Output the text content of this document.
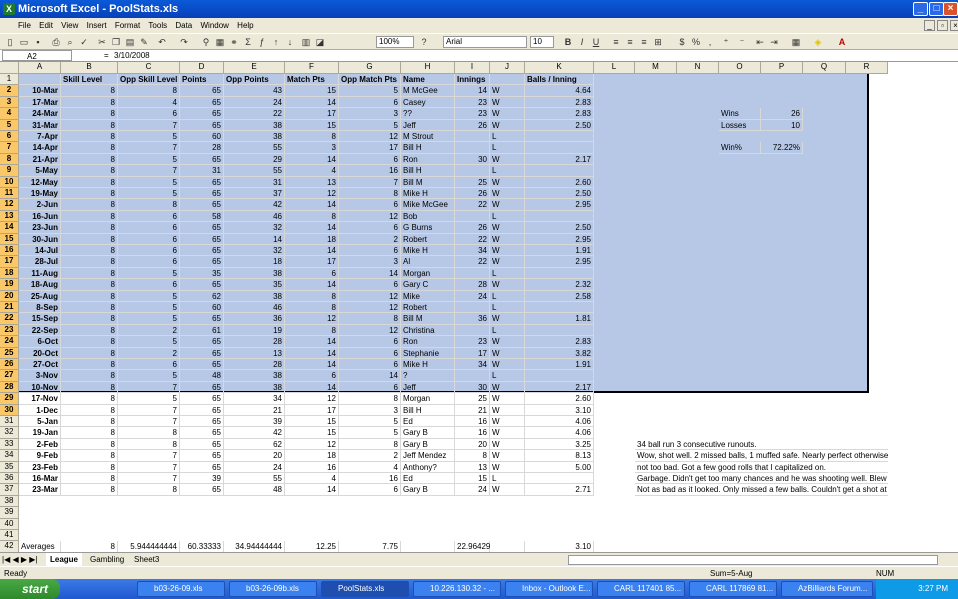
X Microsoft Excel - PoolStats.xls	_	□ ×
File Edit View Insert Format Tools Data Window Help	_	▫	×
▯ ▭ ▪	⎙ ⌕ ✓ ✂ ❐ ▤ ✎ ↶ ↷	⚲ ▦ ⚭ Σ ƒ	↑	↓	▥ ◪	100%	?	Arial	10	B	I	U	≡ ≡ ≡ ⊞	$ % ,	⁺	⁻	⇤ ⇥ ▦ ◈	A
A2	= 3/10/2008
A	B	C	D	E	F	G	H	I	J	K	L	M	N	O	P	Q	R
1
2
3
4
5
6
7
8
9
10
11
12
13
14
15
16
17
18
19
20
21
22
23
24
25
26
27
28
29
30
31
32
33
34
35
36
37
38
39
40
41
42
Skill Level	Opp Skill Level Points	Opp Points	Match Pts	Opp Match Pts Name	Innings	Balls / Inning
10-Mar	8	8	65	43	15	5 M McGee	14 W	4.64
17-Mar	8	4	65	24	14	6 Casey	23 W	2.83
24-Mar	8	6	65	22	17	3 ??	23 W	2.83
31-Mar	8	7	65	38	15	5 Jeff	26 W	2.50
7-Apr	8	5	60	38	8	12 M Strout	L
14-Apr	8	7	28	55	3	17 Bill H	L
21-Apr	8	5	65	29	14	6 Ron	30 W	2.17
5-May	8	7	31	55	4	16 Bill H	L
12-May	8	5	65	31	13	7 Bill M	25 W	2.60
19-May	8	5	65	37	12	8 Mike H	26 W	2.50
2-Jun	8	8	65	42	14	6 Mike McGee	22 W	2.95
16-Jun	8	6	58	46	8	12 Bob	L
23-Jun	8	6	65	32	14	6 G Burns	26 W	2.50
30-Jun	8	6	65	14	18	2 Robert	22 W	2.95
14-Jul	8	6	65	32	14	6 Mike H	34 W	1.91
28-Jul	8	6	65	18	17	3 Al	22 W	2.95
11-Aug	8	5	35	38	6	14 Morgan	L
18-Aug	8	6	65	35	14	6 Gary C	28 W	2.32
25-Aug	8	5	62	38	8	12 Mike	24 L	2.58
8-Sep	8	5	60	46	8	12 Robert	L
15-Sep	8	5	65	36	12	8 Bill M	36 W	1.81
22-Sep	8	2	61	19	8	12 Christina	L
6-Oct	8	5	65	28	14	6 Ron	23 W	2.83
20-Oct	8	2	65	13	14	6 Stephanie	17 W	3.82
27-Oct	8	6	65	28	14	6 Mike H	34 W	1.91
3-Nov	8	5	48	38	6	14 ?	L
10-Nov	8	7	65	38	14	6 Jeff	30 W	2.17
17-Nov	8	5	65	34	12	8 Morgan	25 W	2.60
1-Dec	8	7	65	21	17	3 Bill H	21 W	3.10
5-Jan	8	7	65	39	15	5 Ed	16 W	4.06
19-Jan	8	8	65	42	15	5 Gary B	16 W	4.06
2-Feb	8	8	65	62	12	8 Gary B	20 W	3.25
9-Feb	8	7	65	20	18	2 Jeff Mendez	8 W	8.13
23-Feb	8	7	65	24	16	4 Anthony?	13 W	5.00
16-Mar	8	7	39	55	4	16 Ed	15 L
23-Mar	8	8	65	48	14	6 Gary B	24 W	2.71
Averages	8	5.944444444	60.33333	34.94444444	12.25	7.75	22.96429	3.10
Wins	26
Losses	10
Win%	72.22%
34 ball run 3 consecutive runouts.
Wow, shot well. 2 missed balls, 1 muffed safe. Nearly perfect otherwise
not too bad. Got a few good rolls that I capitalized on.
Garbage. Didn't get too many chances and he was shooting well. Blew
Not as bad as it looked. Only missed a few balls. Couldn't get a shot at
|◀ ◀ ▶ ▶|	League	Gambling	Sheet3
Ready	Sum=5-Aug	NUM
start	b03-26-09.xls	b03-26-09b.xls	PoolStats.xls	10.226.130.32 - ...	Inbox - Outlook E...	CARL 117401 85...	CARL 117869 81...	AzBilliards Forum...	3:27 PM
